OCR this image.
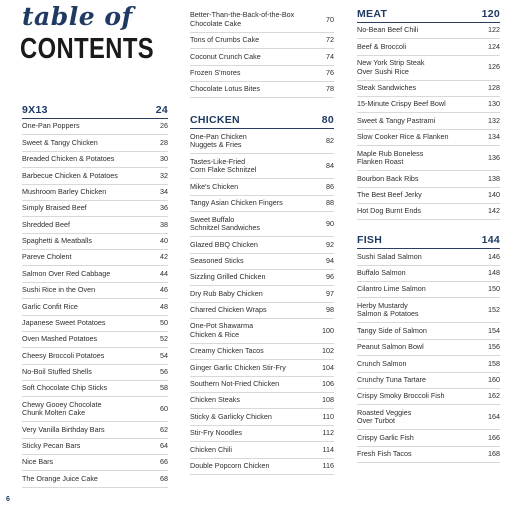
table of
CONTENTS
9X13	24
One-Pan Poppers	26
Sweet & Tangy Chicken	28
Breaded Chicken & Potatoes	30
Barbecue Chicken & Potatoes	32
Mushroom Barley Chicken	34
Simply Braised Beef	36
Shredded Beef	38
Spaghetti & Meatballs	40
Pareve Cholent	42
Salmon Over Red Cabbage	44
Sushi Rice in the Oven	46
Garlic Confit Rice	48
Japanese Sweet Potatoes	50
Oven Mashed Potatoes	52
Cheesy Broccoli Potatoes	54
No-Boil Stuffed Shells	56
Soft Chocolate Chip Sticks	58
Chewy Gooey Chocolate
Chunk Molten Cake	60
Very Vanilla Birthday Bars	62
Sticky Pecan Bars	64
Nice Bars	66
The Orange Juice Cake	68
Better-Than-the-Back-of-the-Box
Chocolate Cake	70
Tons of Crumbs Cake	72
Coconut Crunch Cake	74
Frozen S'mores	76
Chocolate Lotus Bites	78
CHICKEN	80
One-Pan Chicken
Nuggets & Fries	82
Tastes-Like-Fried
Corn Flake Schnitzel	84
Mike's Chicken	86
Tangy Asian Chicken Fingers	88
Sweet Buffalo
Schnitzel Sandwiches	90
Glazed BBQ Chicken	92
Seasoned Sticks	94
Sizzling Grilled Chicken	96
Dry Rub Baby Chicken	97
Charred Chicken Wraps	98
One-Pot Shawarma
Chicken & Rice	100
Creamy Chicken Tacos	102
Ginger Garlic Chicken Stir-Fry	104
Southern Not-Fried Chicken	106
Chicken Steaks	108
Sticky & Garlicky Chicken	110
Stir-Fry Noodles	112
Chicken Chili	114
Double Popcorn Chicken	116
MEAT	120
No-Bean Beef Chili	122
Beef & Broccoli	124
New York Strip Steak
Over Sushi Rice	126
Steak Sandwiches	128
15-Minute Crispy Beef Bowl	130
Sweet & Tangy Pastrami	132
Slow Cooker Rice & Flanken	134
Maple Rub Boneless
Flanken Roast	136
Bourbon Back Ribs	138
The Best Beef Jerky	140
Hot Dog Burnt Ends	142
FISH	144
Sushi Salad Salmon	146
Buffalo Salmon	148
Cilantro Lime Salmon	150
Herby Mustardy
Salmon & Potatoes	152
Tangy Side of Salmon	154
Peanut Salmon Bowl	156
Crunch Salmon	158
Crunchy Tuna Tartare	160
Crispy Smoky Broccoli Fish	162
Roasted Veggies
Over Turbot	164
Crispy Garlic Fish	166
Fresh Fish Tacos	168
6
